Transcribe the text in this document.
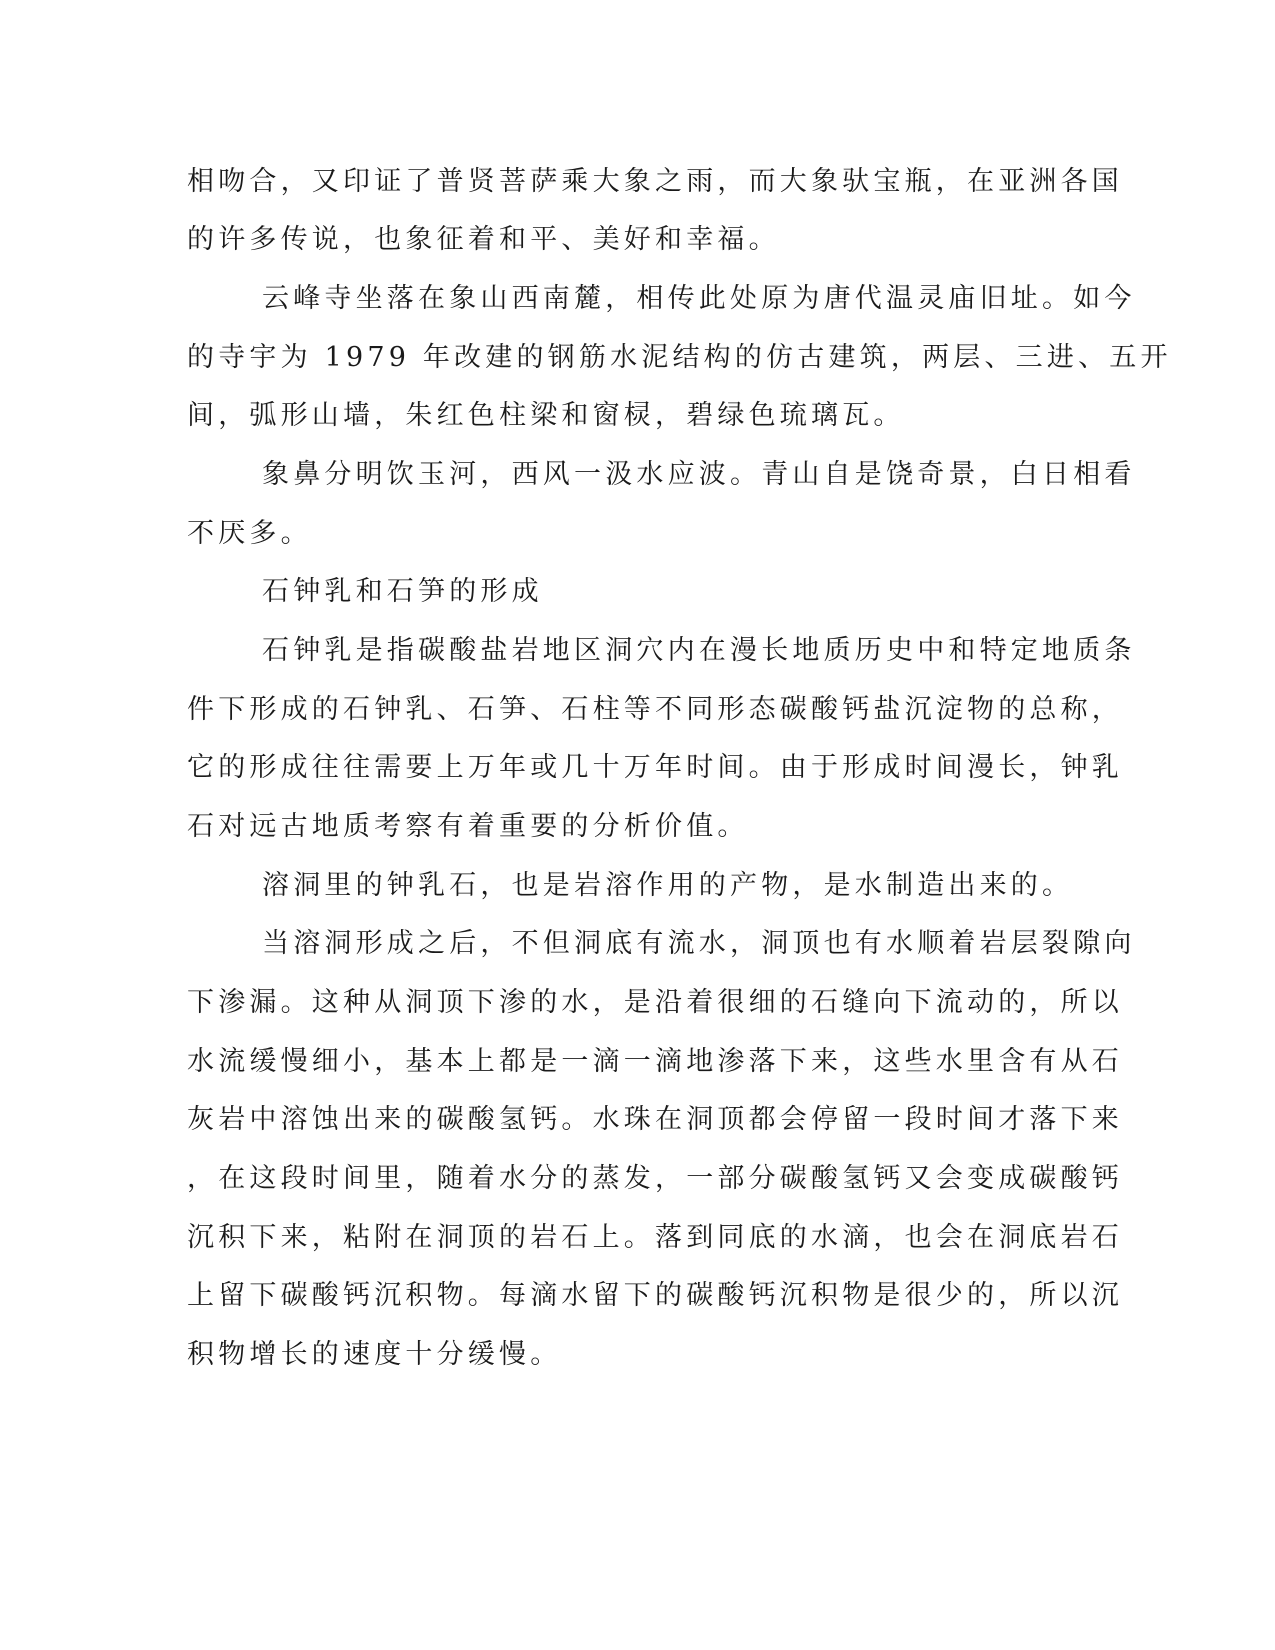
相吻合，又印证了普贤菩萨乘大象之雨，而大象驮宝瓶，在亚洲各国
的许多传说，也象征着和平、美好和幸福。
云峰寺坐落在象山西南麓，相传此处原为唐代温灵庙旧址。如今
的寺宇为 1979 年改建的钢筋水泥结构的仿古建筑，两层、三进、五开
间，弧形山墙，朱红色柱梁和窗棂，碧绿色琉璃瓦。
象鼻分明饮玉河，西风一汲水应波。青山自是饶奇景，白日相看
不厌多。
石钟乳和石笋的形成
石钟乳是指碳酸盐岩地区洞穴内在漫长地质历史中和特定地质条
件下形成的石钟乳、石笋、石柱等不同形态碳酸钙盐沉淀物的总称，
它的形成往往需要上万年或几十万年时间。由于形成时间漫长，钟乳
石对远古地质考察有着重要的分析价值。
溶洞里的钟乳石，也是岩溶作用的产物，是水制造出来的。
当溶洞形成之后，不但洞底有流水，洞顶也有水顺着岩层裂隙向
下渗漏。这种从洞顶下渗的水，是沿着很细的石缝向下流动的，所以
水流缓慢细小，基本上都是一滴一滴地渗落下来，这些水里含有从石
灰岩中溶蚀出来的碳酸氢钙。水珠在洞顶都会停留一段时间才落下来
，在这段时间里，随着水分的蒸发，一部分碳酸氢钙又会变成碳酸钙
沉积下来，粘附在洞顶的岩石上。落到同底的水滴，也会在洞底岩石
上留下碳酸钙沉积物。每滴水留下的碳酸钙沉积物是很少的，所以沉
积物增长的速度十分缓慢。
